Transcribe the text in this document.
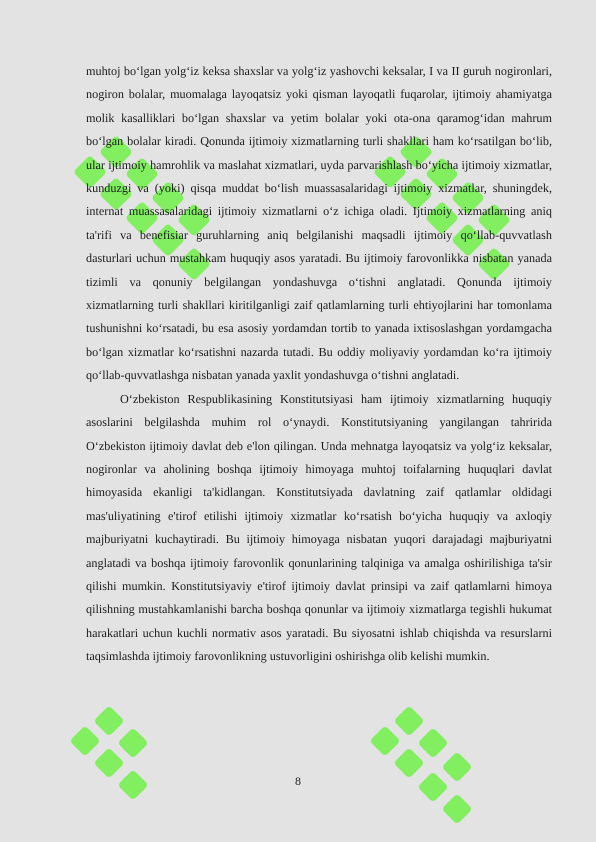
muhtoj bo‘lgan yolg‘iz keksa shaxslar va yolg‘iz yashovchi keksalar, I va II guruh nogironlari, nogiron bolalar, muomalaga layoqatsiz yoki qisman layoqatli fuqarolar, ijtimoiy ahamiyatga molik kasalliklari bo‘lgan shaxslar va yetim bolalar yoki ota-ona qaramog‘idan mahrum bo‘lgan bolalar kiradi. Qonunda ijtimoiy xizmatlarning turli shakllari ham ko‘rsatilgan bo‘lib, ular ijtimoiy hamrohlik va maslahat xizmatlari, uyda parvarishlash bo‘yicha ijtimoiy xizmatlar, kunduzgi va (yoki) qisqa muddat bo‘lish muassasalaridagi ijtimoiy xizmatlar, shuningdek, internat muassasalaridagi ijtimoiy xizmatlarni o‘z ichiga oladi. Ijtimoiy xizmatlarning aniq ta'rifi va benefisiar guruhlarning aniq belgilanishi maqsadli ijtimoiy qo‘llab-quvvatlash dasturlari uchun mustahkam huquqiy asos yaratadi. Bu ijtimoiy farovonlikka nisbatan yanada tizimli va qonuniy belgilangan yondashuvga o‘tishni anglatadi. Qonunda ijtimoiy xizmatlarning turli shakllari kiritilganligi zaif qatlamlarning turli ehtiyojlarini har tomonlama tushunishni ko‘rsatadi, bu esa asosiy yordamdan tortib to yanada ixtisoslashgan yordamgacha bo‘lgan xizmatlar ko‘rsatishni nazarda tutadi. Bu oddiy moliyaviy yordamdan ko‘ra ijtimoiy qo‘llab-quvvatlashga nisbatan yanada yaxlit yondashuvga o‘tishni anglatadi.

O‘zbekiston Respublikasining Konstitutsiyasi ham ijtimoiy xizmatlarning huquqiy asoslarini belgilashda muhim rol o‘ynaydi. Konstitutsiyaning yangilangan tahririda O‘zbekiston ijtimoiy davlat deb e'lon qilingan. Unda mehnatga layoqatsiz va yolg‘iz keksalar, nogironlar va aholining boshqa ijtimoiy himoyaga muhtoj toifalarning huquqlari davlat himoyasida ekanligi ta'kidlangan. Konstitutsiyada davlatning zaif qatlamlar oldidagi mas'uliyatining e'tirof etilishi ijtimoiy xizmatlar ko‘rsatish bo‘yicha huquqiy va axloqiy majburiyatni kuchaytiradi. Bu ijtimoiy himoyaga nisbatan yuqori darajadagi majburiyatni anglatadi va boshqa ijtimoiy farovonlik qonunlarining talqiniga va amalga oshirilishiga ta'sir qilishi mumkin. Konstitutsiyaviy e'tirof ijtimoiy davlat prinsipi va zaif qatlamlarni himoya qilishning mustahkamlanishi barcha boshqa qonunlar va ijtimoiy xizmatlarga tegishli hukumat harakatlari uchun kuchli normativ asos yaratadi. Bu siyosatni ishlab chiqishda va resurslarni taqsimlashda ijtimoiy farovonlikning ustuvorligini oshirishga olib kelishi mumkin.

8
